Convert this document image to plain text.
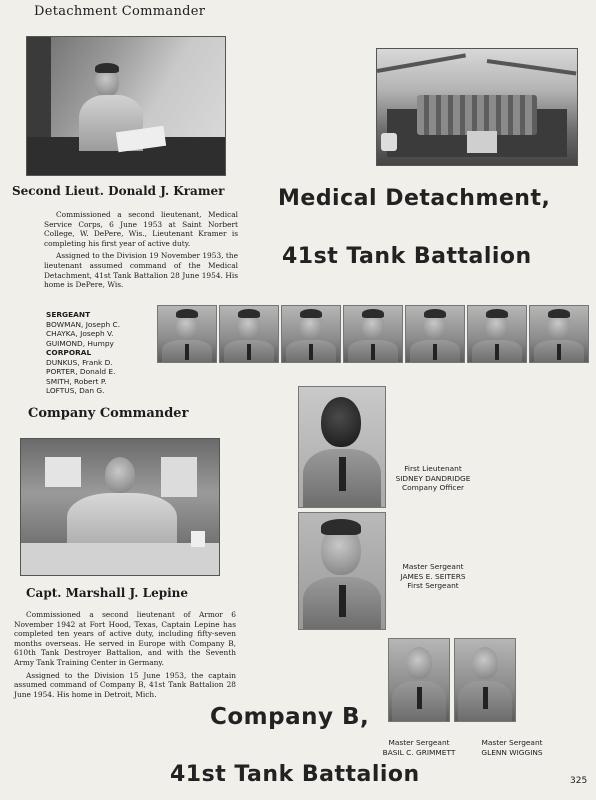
Detachment Commander
Second Lieut. Donald J. Kramer
Commissioned a second lieutenant, Medical Service Corps, 6 June 1953 at Saint Norbert College, W. DePere, Wis., Lieutenant Kramer is completing his first year of active duty.
Assigned to the Division 19 November 1953, the lieutenant assumed command of the Medical Detachment, 41st Tank Battalion 28 June 1954. His home is DePere, Wis.
Medical Detachment,
41st Tank Battalion
SERGEANT
BOWMAN, Joseph C.
CHAYKA, Joseph V.
GUIMOND, Humpy
CORPORAL
DUNKUS, Frank D.
PORTER, Donald E.
SMITH, Robert P.
LOFTUS, Dan G.
Company Commander
Capt. Marshall J. Lepine
Commissioned a second lieutenant of Armor 6 November 1942 at Fort Hood, Texas, Captain Lepine has completed ten years of active duty, including fifty-seven months overseas. He served in Europe with Company B, 610th Tank Destroyer Battalion, and with the Seventh Army Tank Training Center in Germany.
Assigned to the Division 15 June 1953, the captain assumed command of Company B, 41st Tank Battalion 28 June 1954. His home in Detroit, Mich.
First Lieutenant
SIDNEY DANDRIDGE
Company Officer
Master Sergeant
JAMES E. SEITERS
First Sergeant
Master Sergeant
BASIL C. GRIMMETT
Master Sergeant
GLENN WIGGINS
Company B,
41st Tank Battalion	325
